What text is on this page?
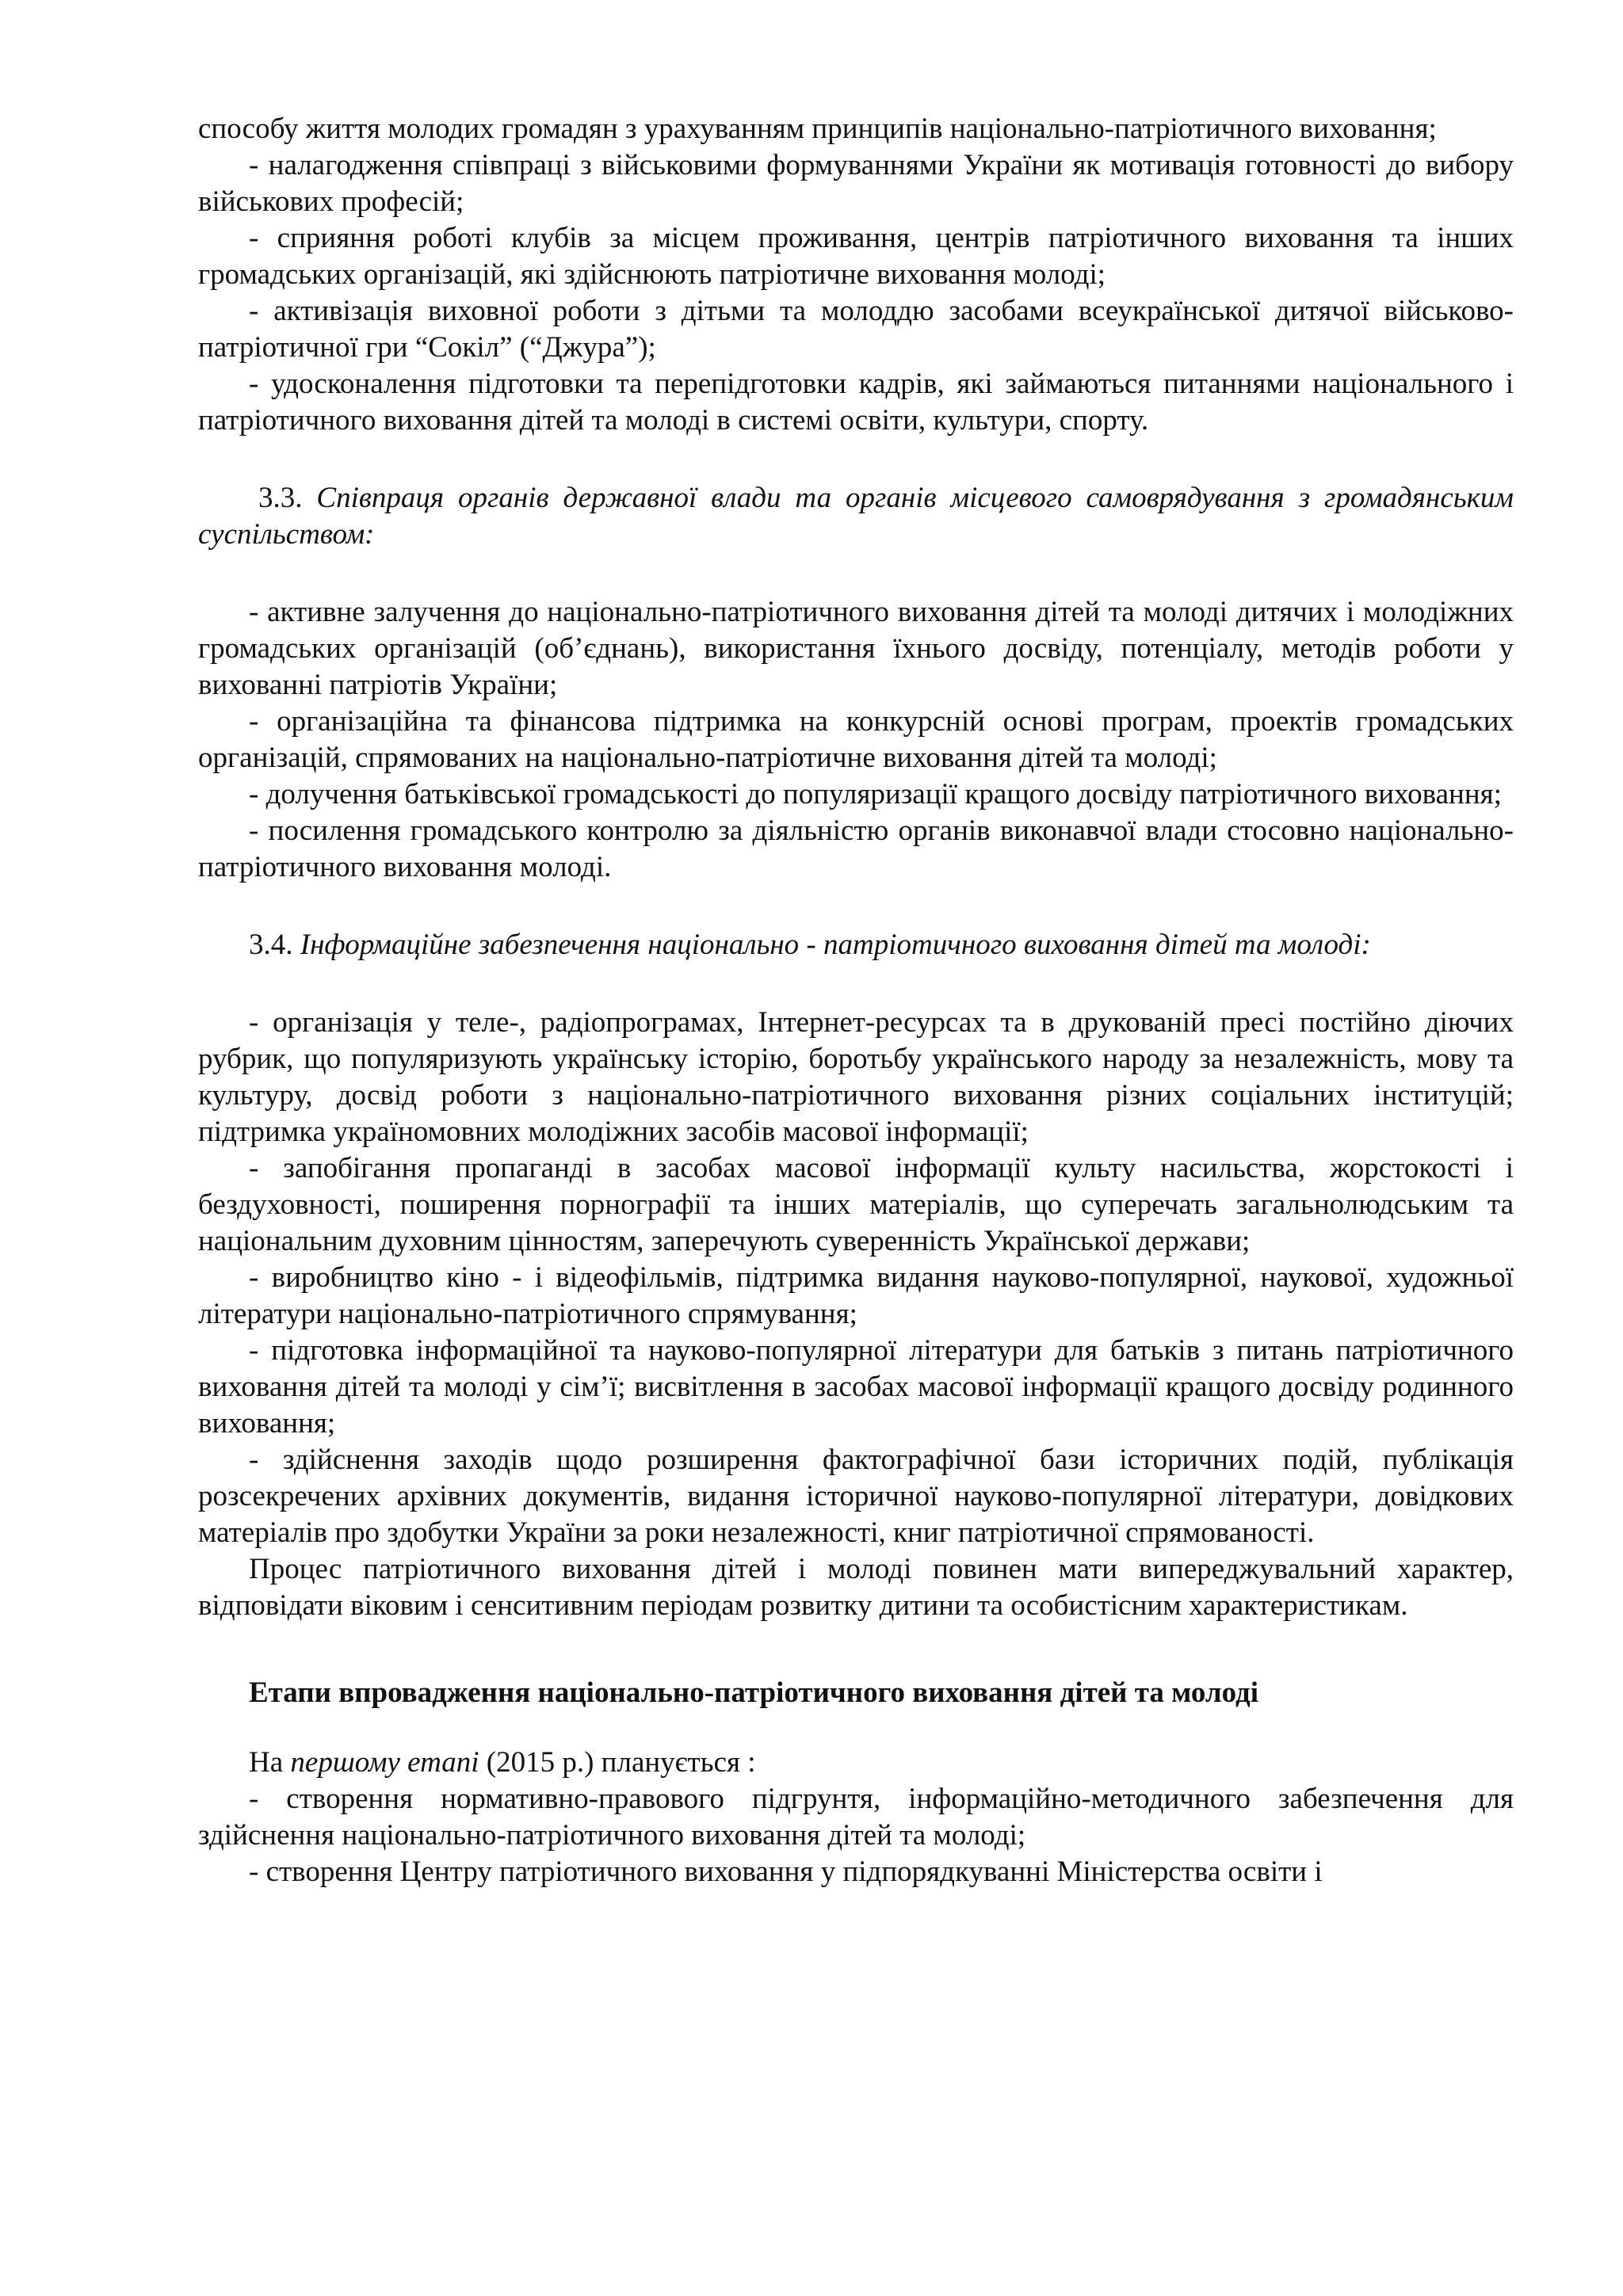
способу життя молодих громадян з урахуванням принципів національно-патріотичного виховання;

- налагодження співпраці з військовими формуваннями України як мотивація готовності до вибору військових професій;

- сприяння роботі клубів за місцем проживання, центрів патріотичного виховання та інших громадських організацій, які здійснюють патріотичне виховання молоді;

- активізація виховної роботи з дітьми та молоддю засобами всеукраїнської дитячої військово-патріотичної гри “Сокіл” (“Джура”);

- удосконалення підготовки та перепідготовки кадрів, які займаються питаннями національного і патріотичного виховання дітей та молоді в системі освіти, культури, спорту.

3.3. Співпраця органів державної влади та органів місцевого самоврядування з громадянським суспільством:

- активне залучення до національно-патріотичного виховання дітей та молоді дитячих і молодіжних громадських організацій (об’єднань), використання їхнього досвіду, потенціалу, методів роботи у вихованні патріотів України;

- організаційна та фінансова підтримка на конкурсній основі програм, проектів громадських організацій, спрямованих на національно-патріотичне виховання дітей та молоді;

- долучення батьківської громадськості до популяризації кращого досвіду патріотичного виховання;

- посилення громадського контролю за діяльністю органів виконавчої влади стосовно національно-патріотичного виховання молоді.

3.4. Інформаційне забезпечення національно - патріотичного виховання дітей та молоді:

- організація у теле-, радіопрограмах, Інтернет-ресурсах та в друкованій пресі постійно діючих рубрик, що популяризують українську історію, боротьбу українського народу за незалежність, мову та культуру, досвід роботи з національно-патріотичного виховання різних соціальних інституцій; підтримка україномовних молодіжних засобів масової інформації;

- запобігання пропаганді в засобах масової інформації культу насильства, жорстокості і бездуховності, поширення порнографії та інших матеріалів, що суперечать загальнолюдським та національним духовним цінностям, заперечують суверенність Української держави;

- виробництво кіно - і відеофільмів, підтримка видання науково-популярної, наукової, художньої літератури національно-патріотичного спрямування;

- підготовка інформаційної та науково-популярної літератури для батьків з питань патріотичного виховання дітей та молоді у сім’ї; висвітлення в засобах масової інформації кращого досвіду родинного виховання;

- здійснення заходів щодо розширення фактографічної бази історичних подій, публікація розсекречених архівних документів, видання історичної науково-популярної літератури, довідкових матеріалів про здобутки України за роки незалежності, книг патріотичної спрямованості.

Процес патріотичного виховання дітей і молоді повинен мати випереджувальний характер, відповідати віковим і сенситивним періодам розвитку дитини та особистісним характеристикам.

Етапи впровадження національно-патріотичного виховання дітей та молоді

На першому етапі (2015 р.) планується :

- створення нормативно-правового підгрунтя, інформаційно-методичного забезпечення для здійснення національно-патріотичного виховання дітей та молоді;

- створення Центру патріотичного виховання у підпорядкуванні Міністерства освіти і
